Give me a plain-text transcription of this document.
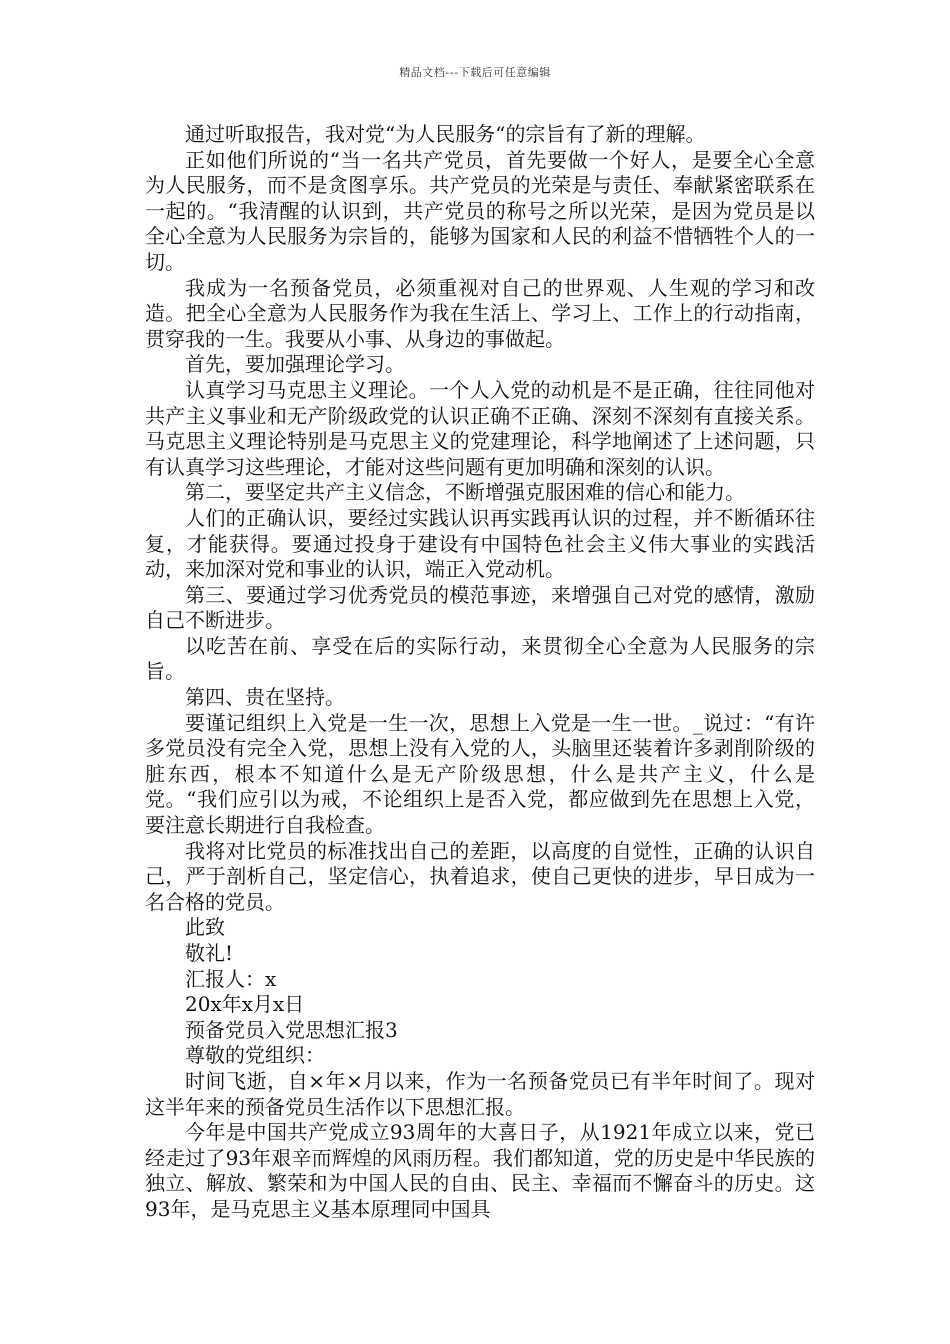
精品文档---下载后可任意编辑

通过听取报告，我对党“为人民服务“的宗旨有了新的理解。

正如他们所说的“当一名共产党员，首先要做一个好人，是要全心全意为人民服务，而不是贪图享乐。共产党员的光荣是与责任、奉献紧密联系在一起的。“我清醒的认识到，共产党员的称号之所以光荣，是因为党员是以全心全意为人民服务为宗旨的，能够为国家和人民的利益不惜牺牲个人的一切。

我成为一名预备党员，必须重视对自己的世界观、人生观的学习和改造。把全心全意为人民服务作为我在生活上、学习上、工作上的行动指南，贯穿我的一生。我要从小事、从身边的事做起。

首先，要加强理论学习。

认真学习马克思主义理论。一个人入党的动机是不是正确，往往同他对共产主义事业和无产阶级政党的认识正确不正确、深刻不深刻有直接关系。马克思主义理论特别是马克思主义的党建理论，科学地阐述了上述问题，只有认真学习这些理论，才能对这些问题有更加明确和深刻的认识。

第二，要坚定共产主义信念，不断增强克服困难的信心和能力。

人们的正确认识，要经过实践认识再实践再认识的过程，并不断循环往复，才能获得。要通过投身于建设有中国特色社会主义伟大事业的实践活动，来加深对党和事业的认识，端正入党动机。

第三、要通过学习优秀党员的模范事迹，来增强自己对党的感情，激励自己不断进步。

以吃苦在前、享受在后的实际行动，来贯彻全心全意为人民服务的宗旨。

第四、贵在坚持。

要谨记组织上入党是一生一次，思想上入党是一生一世。_说过：“有许多党员没有完全入党，思想上没有入党的人，头脑里还装着许多剥削阶级的脏东西，根本不知道什么是无产阶级思想，什么是共产主义，什么是党。“我们应引以为戒，不论组织上是否入党，都应做到先在思想上入党，要注意长期进行自我检查。

我将对比党员的标准找出自己的差距，以高度的自觉性，正确的认识自己，严于剖析自己，坚定信心，执着追求，使自己更快的进步，早日成为一名合格的党员。

此致

敬礼!

汇报人：x

20x年x月x日

预备党员入党思想汇报3

尊敬的党组织：

时间飞逝，自×年×月以来，作为一名预备党员已有半年时间了。现对这半年来的预备党员生活作以下思想汇报。

今年是中国共产党成立93周年的大喜日子，从1921年成立以来，党已经走过了93年艰辛而辉煌的风雨历程。我们都知道，党的历史是中华民族的独立、解放、繁荣和为中国人民的自由、民主、幸福而不懈奋斗的历史。这93年，是马克思主义基本原理同中国具
